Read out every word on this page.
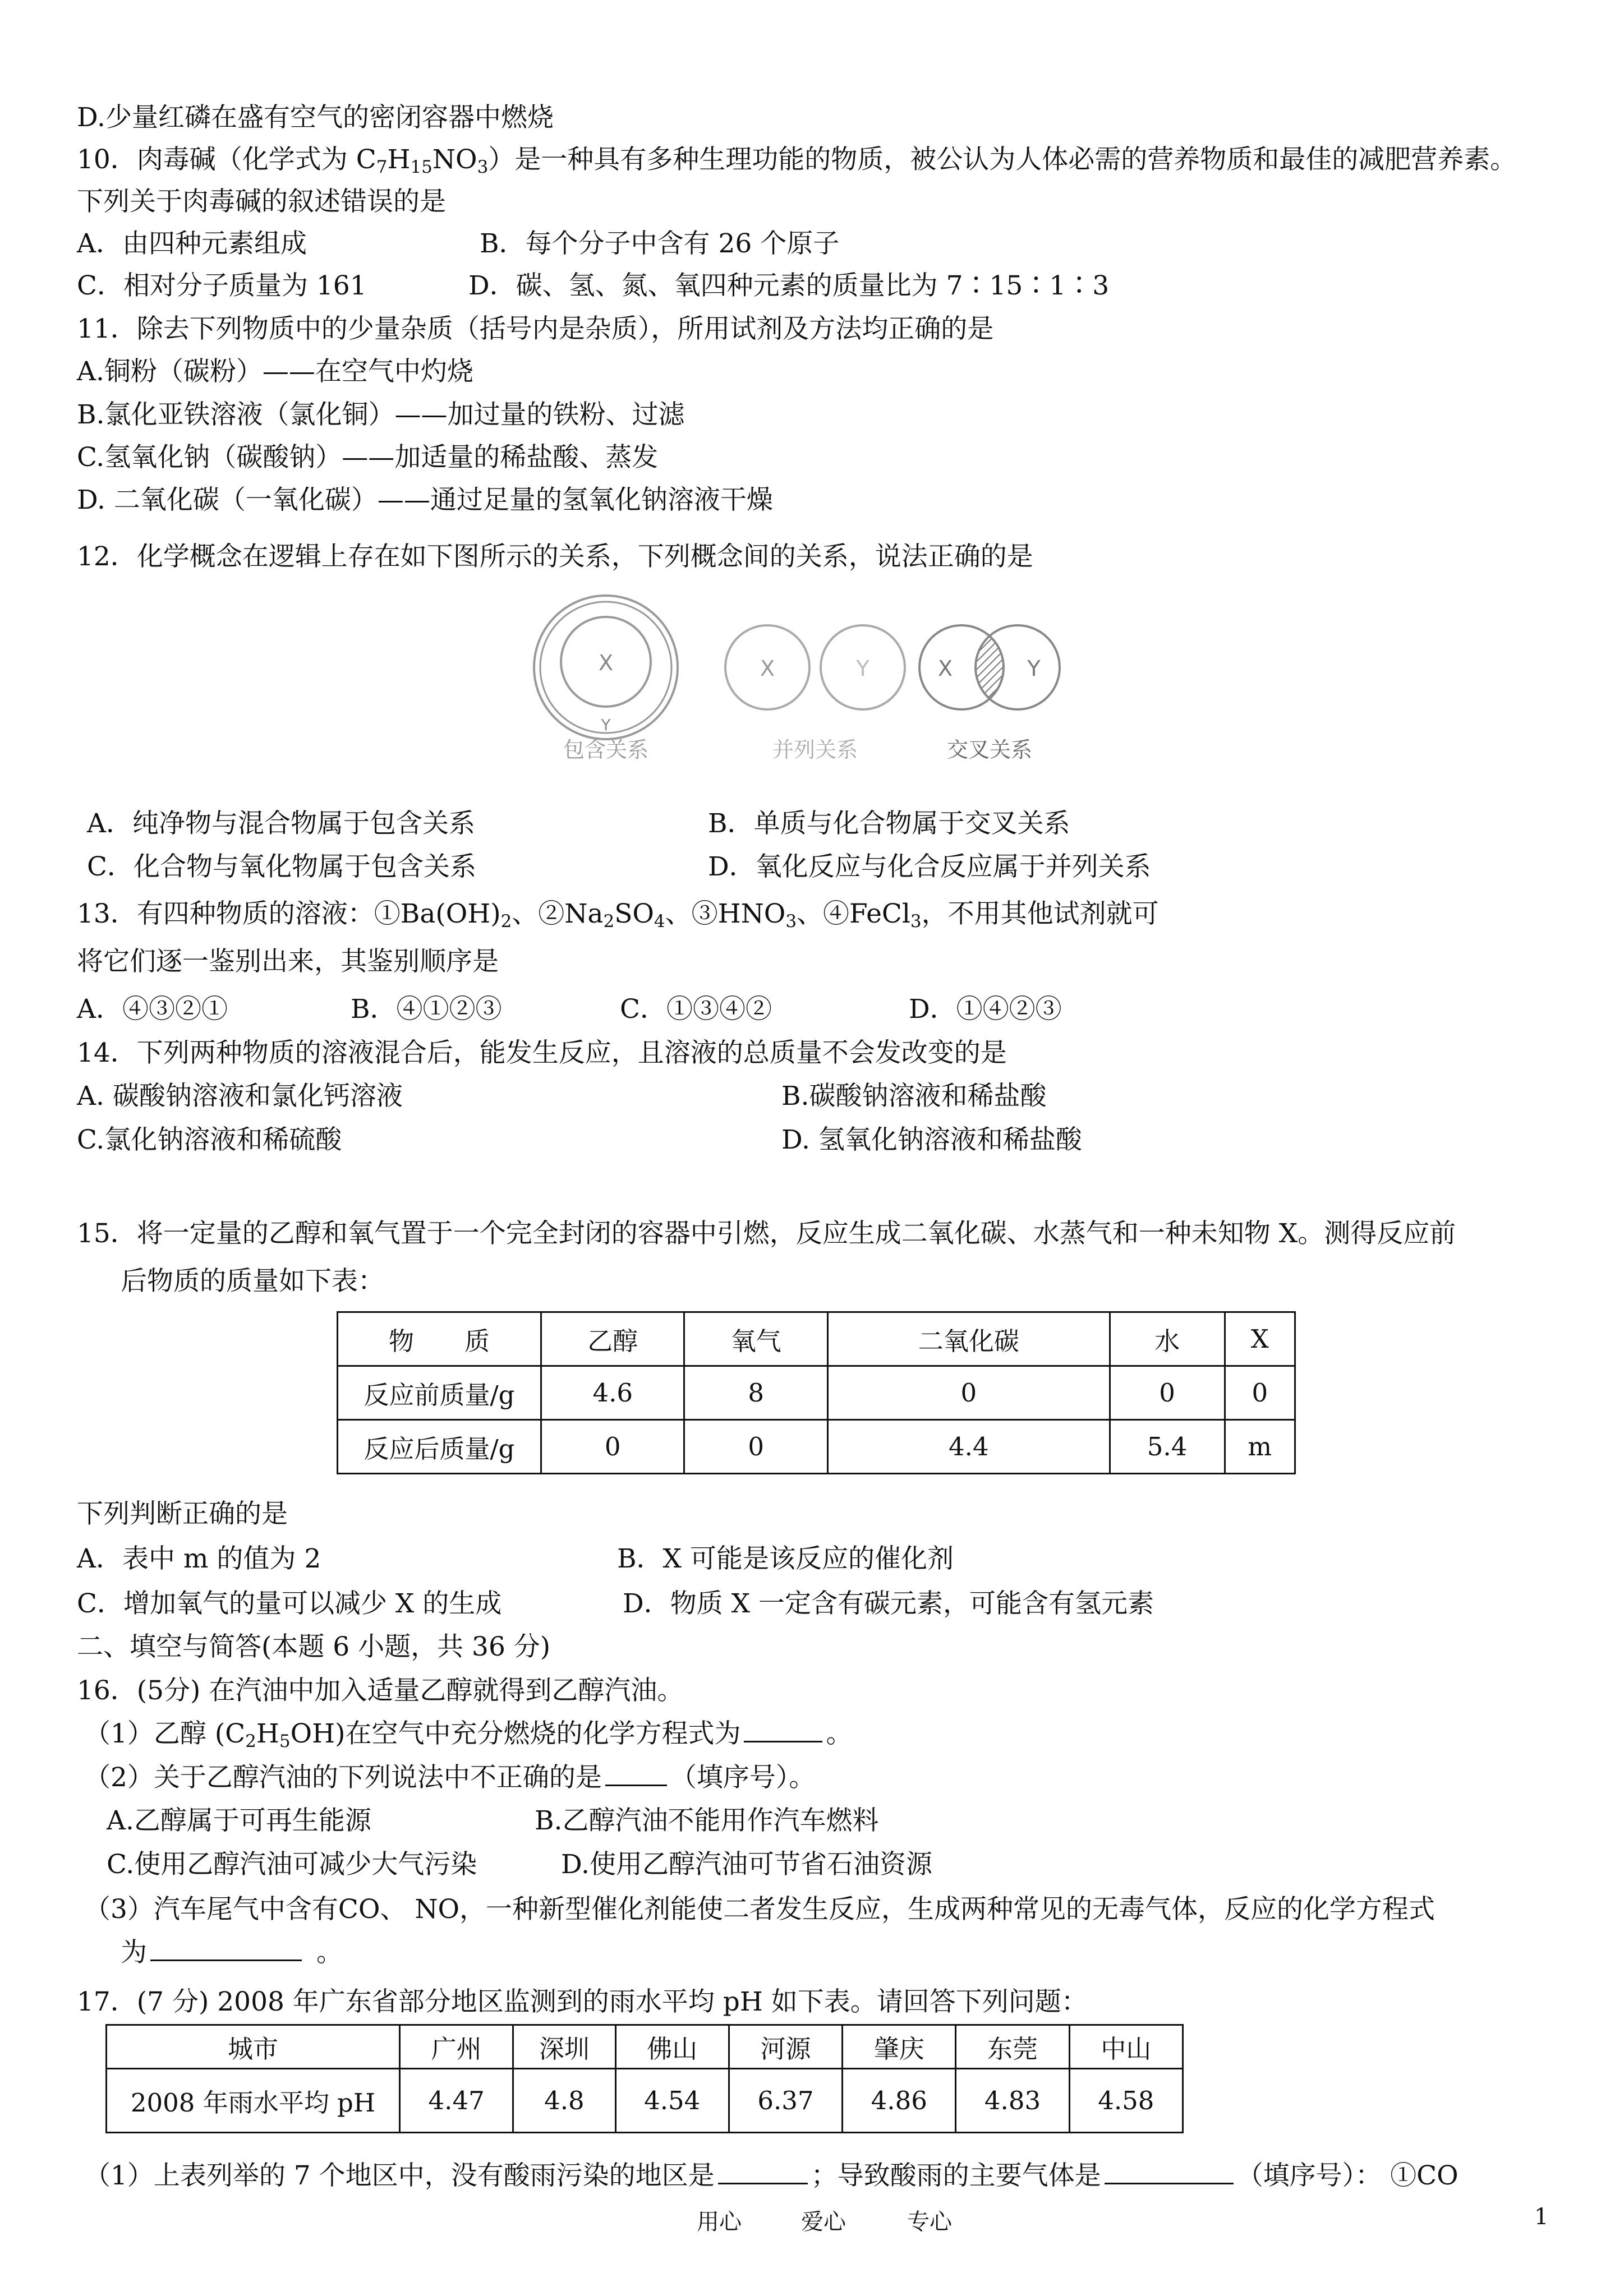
D.少量红磷在盛有空气的密闭容器中燃烧
10．肉毒碱（化学式为 $C_7H_{15}NO_3$）是一种具有多种生理功能的物质，被公认为人体必需的营养物质和最佳的减肥营养素。
下列关于肉毒碱的叙述错误的是
A．由四种元素组成	B．每个分子中含有 26 个原子
C．相对分子质量为 161	D．碳、氢、氮、氧四种元素的质量比为 7∶15∶1∶3
11．除去下列物质中的少量杂质（括号内是杂质），所用试剂及方法均正确的是
A.铜粉（碳粉）——在空气中灼烧
B.氯化亚铁溶液（氯化铜）——加过量的铁粉、过滤
C.氢氧化钠（碳酸钠）——加适量的稀盐酸、蒸发
D. 二氧化碳（一氧化碳）——通过足量的氢氧化钠溶液干燥
12．化学概念在逻辑上存在如下图所示的关系，下列概念间的关系，说法正确的是
X
Y
包含关系
X	Y
并列关系
X	Y
交叉关系
A．纯净物与混合物属于包含关系	B．单质与化合物属于交叉关系
C．化合物与氧化物属于包含关系	D．氧化反应与化合反应属于并列关系
13．有四种物质的溶液：$①Ba(OH)_2$、$②Na_2SO_4$、$③HNO_3$、④FeCl$_3$，不用其他试剂就可
将它们逐一鉴别出来，其鉴别顺序是
A．④③②①	B．④①②③	C．①③④②	D．①④②③
14．下列两种物质的溶液混合后，能发生反应，且溶液的总质量不会发改变的是
A. 碳酸钠溶液和氯化钙溶液	B.碳酸钠溶液和稀盐酸
C.氯化钠溶液和稀硫酸	D. 氢氧化钠溶液和稀盐酸
15．将一定量的乙醇和氧气置于一个完全封闭的容器中引燃，反应生成二氧化碳、水蒸气和一种未知物 X。测得反应前
后物质的质量如下表：
物　　质	乙醇	氧气	二氧化碳	水	X
反应前质量/g	4.6	8	0	0	0
反应后质量/g	0	0	4.4	5.4	m
下列判断正确的是
A．表中 m 的值为 2	B．X 可能是该反应的催化剂
C．增加氧气的量可以减少 X 的生成	D．物质 X 一定含有碳元素，可能含有氢元素
二、填空与简答(本题 6 小题，共 36 分)
16．(5分) 在汽油中加入适量乙醇就得到乙醇汽油。
（1）乙醇 $(C_2H_5OH)$在空气中充分燃烧的化学方程式为	。
（2）关于乙醇汽油的下列说法中不正确的是	（填序号）。
A.乙醇属于可再生能源	B.乙醇汽油不能用作汽车燃料
C.使用乙醇汽油可减少大气污染	D.使用乙醇汽油可节省石油资源
（3）汽车尾气中含有CO、 NO，一种新型催化剂能使二者发生反应，生成两种常见的无毒气体，反应的化学方程式
为	。
17．(7 分) 2008 年广东省部分地区监测到的雨水平均 pH 如下表。请回答下列问题：
城市	广州	深圳	佛山	河源	肇庆	东莞	中山
2008 年雨水平均 pH	4.47	4.8	4.54	6.37	4.86	4.83	4.58
（1）上表列举的 7 个地区中，没有酸雨污染的地区是	；导致酸雨的主要气体是	（填序号）： ①CO
用心	爱心	专心	1
